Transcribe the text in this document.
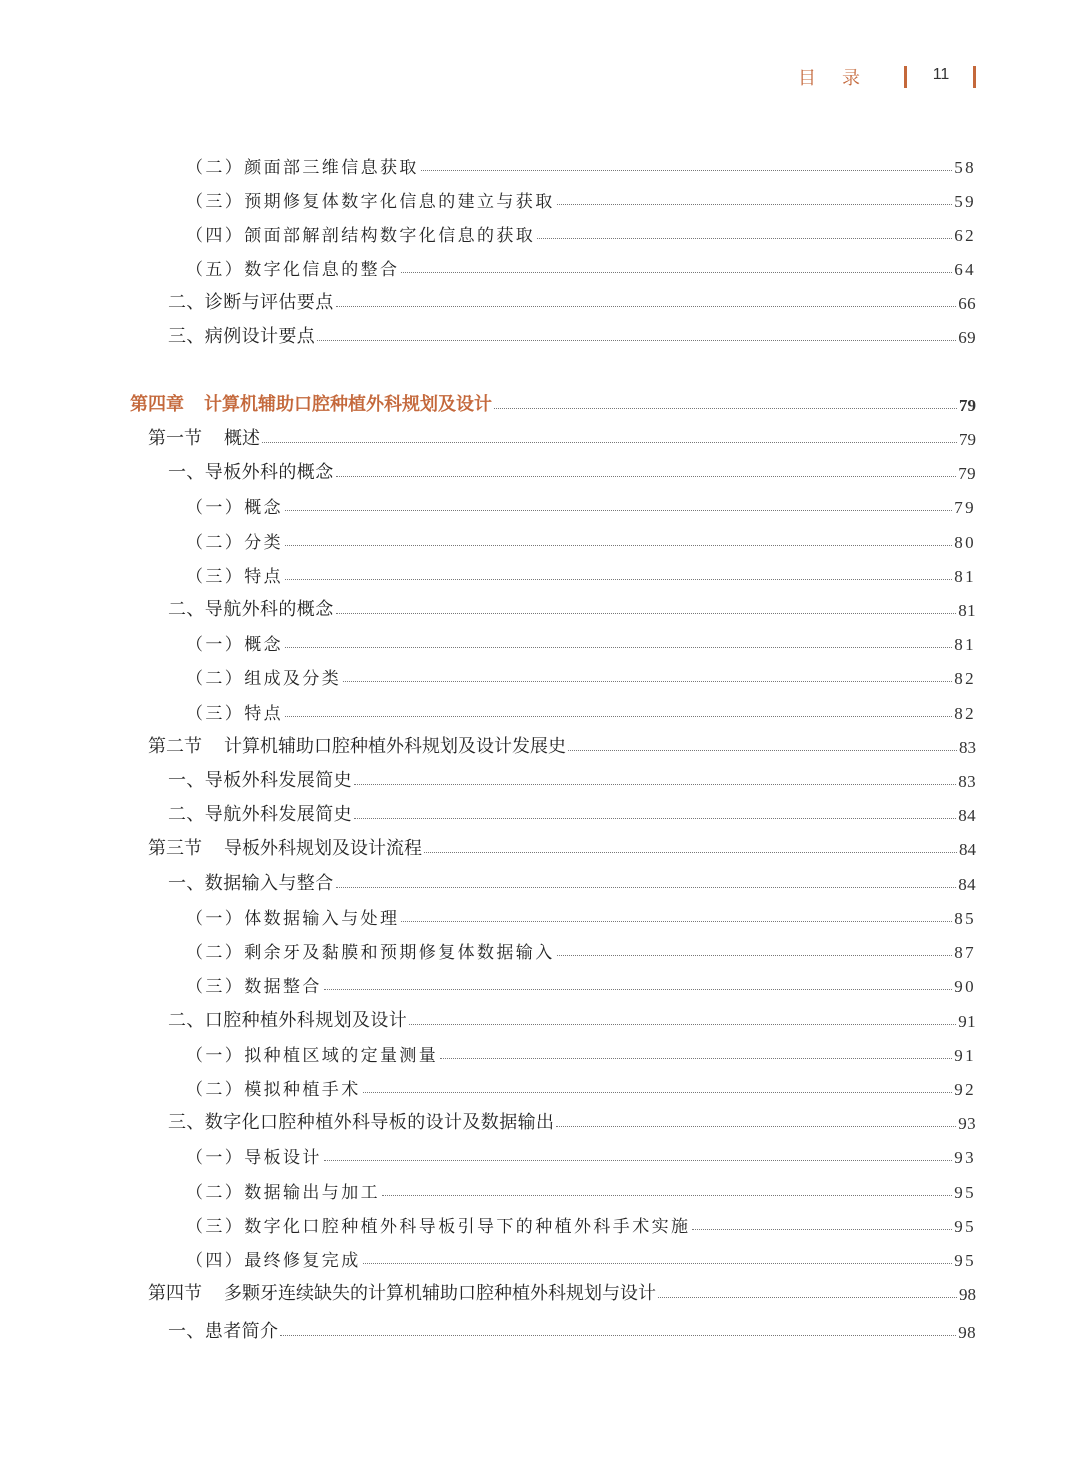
目录	11
（二）颜面部三维信息获取	58
（三）预期修复体数字化信息的建立与获取	59
（四）颌面部解剖结构数字化信息的获取	62
（五）数字化信息的整合	64
二、诊断与评估要点	66
三、病例设计要点	69
第四章 计算机辅助口腔种植外科规划及设计	79
第一节 概述	79
一、导板外科的概念	79
（一）概念	79
（二）分类	80
（三）特点	81
二、导航外科的概念	81
（一）概念	81
（二）组成及分类	82
（三）特点	82
第二节 计算机辅助口腔种植外科规划及设计发展史	83
一、导板外科发展简史	83
二、导航外科发展简史	84
第三节 导板外科规划及设计流程	84
一、数据输入与整合	84
（一）体数据输入与处理	85
（二）剩余牙及黏膜和预期修复体数据输入	87
（三）数据整合	90
二、口腔种植外科规划及设计	91
（一）拟种植区域的定量测量	91
（二）模拟种植手术	92
三、数字化口腔种植外科导板的设计及数据输出	93
（一）导板设计	93
（二）数据输出与加工	95
（三）数字化口腔种植外科导板引导下的种植外科手术实施	95
（四）最终修复完成	95
第四节 多颗牙连续缺失的计算机辅助口腔种植外科规划与设计	98
一、患者简介	98
